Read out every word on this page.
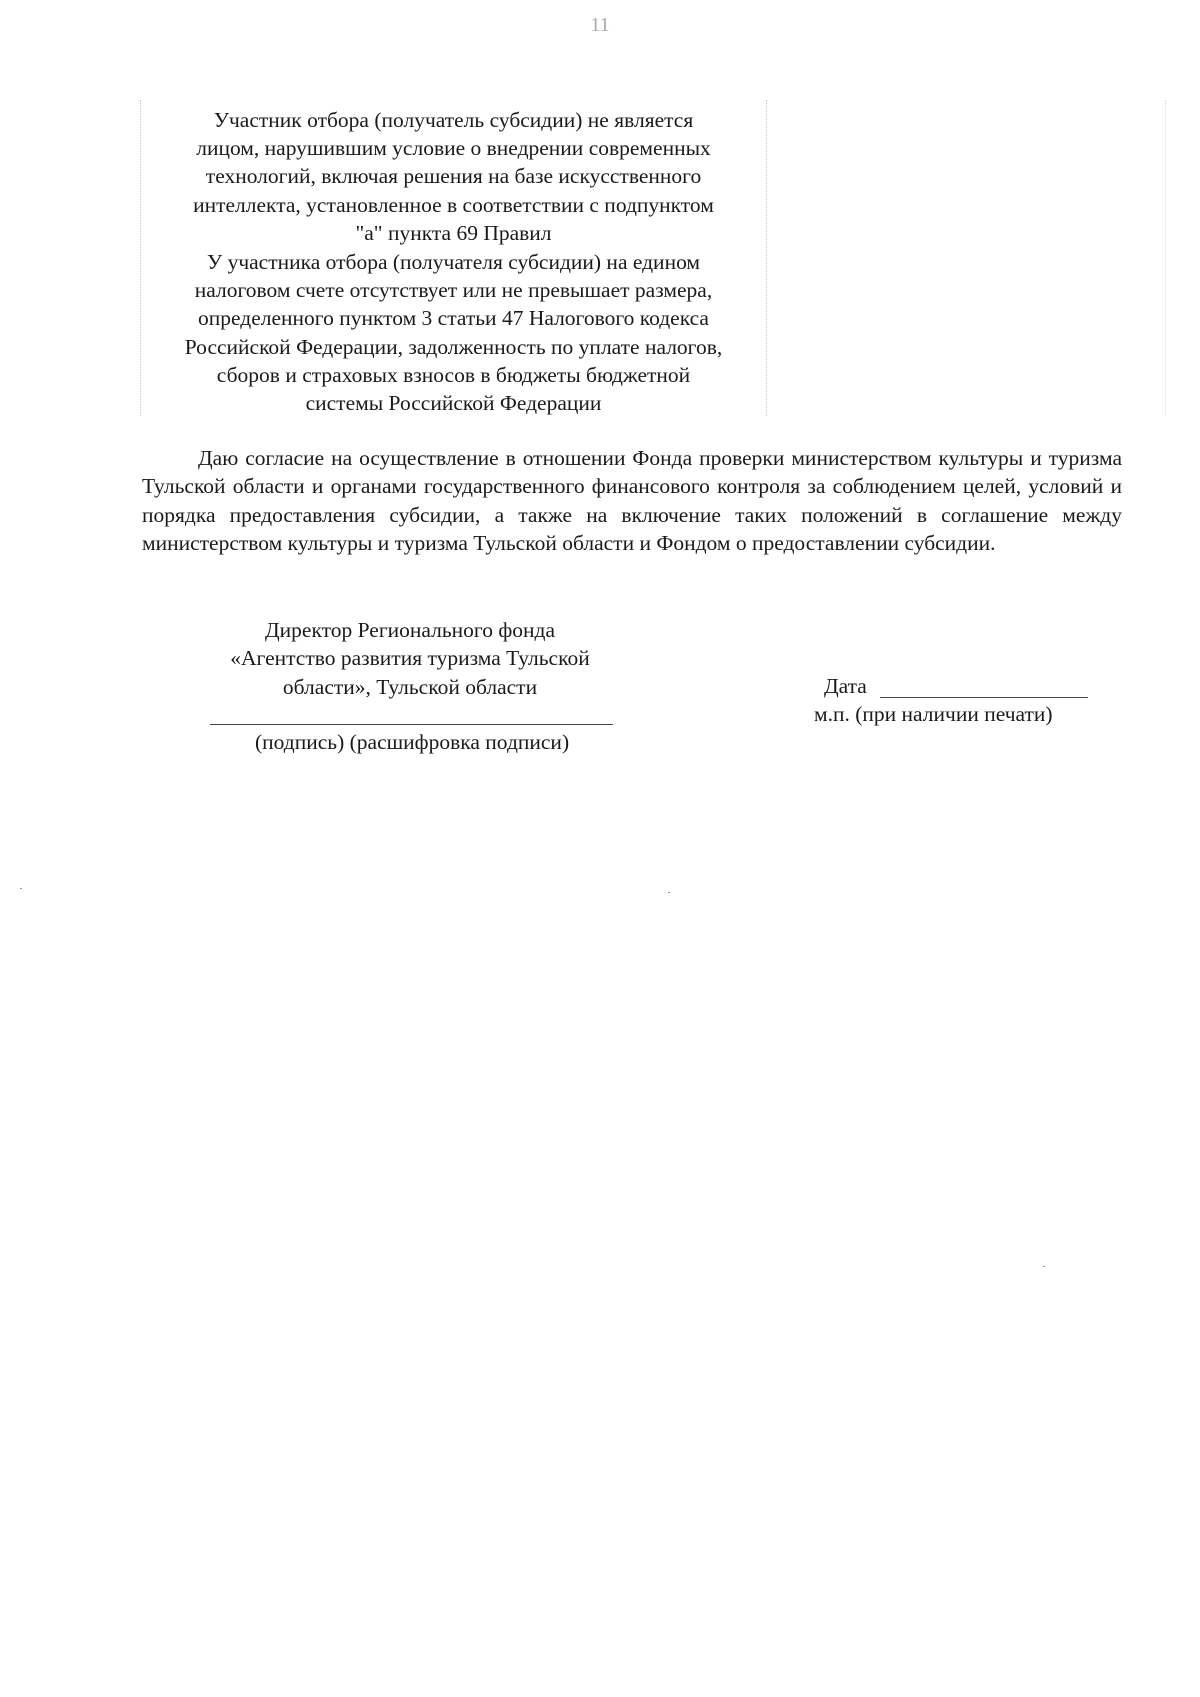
11
Участник отбора (получатель субсидии) не является
лицом, нарушившим условие о внедрении современных
технологий, включая решения на базе искусственного
интеллекта, установленное в соответствии с подпунктом
"а" пункта 69 Правил
У участника отбора (получателя субсидии) на едином
налоговом счете отсутствует или не превышает размера,
определенного пунктом 3 статьи 47 Налогового кодекса
Российской Федерации, задолженность по уплате налогов,
сборов и страховых взносов в бюджеты бюджетной
системы Российской Федерации

Даю согласие на осуществление в отношении Фонда проверки министерством культуры и туризма Тульской области и органами государственного финансового контроля за соблюдением целей, условий и порядка предоставления субсидии, а также на включение таких положений в соглашение между министерством культуры и туризма Тульской области и Фондом о предоставлении субсидии.

Директор Регионального фонда
«Агентство развития туризма Тульской
области», Тульской области
(подпись) (расшифровка подписи)
Дата
м.п. (при наличии печати)
